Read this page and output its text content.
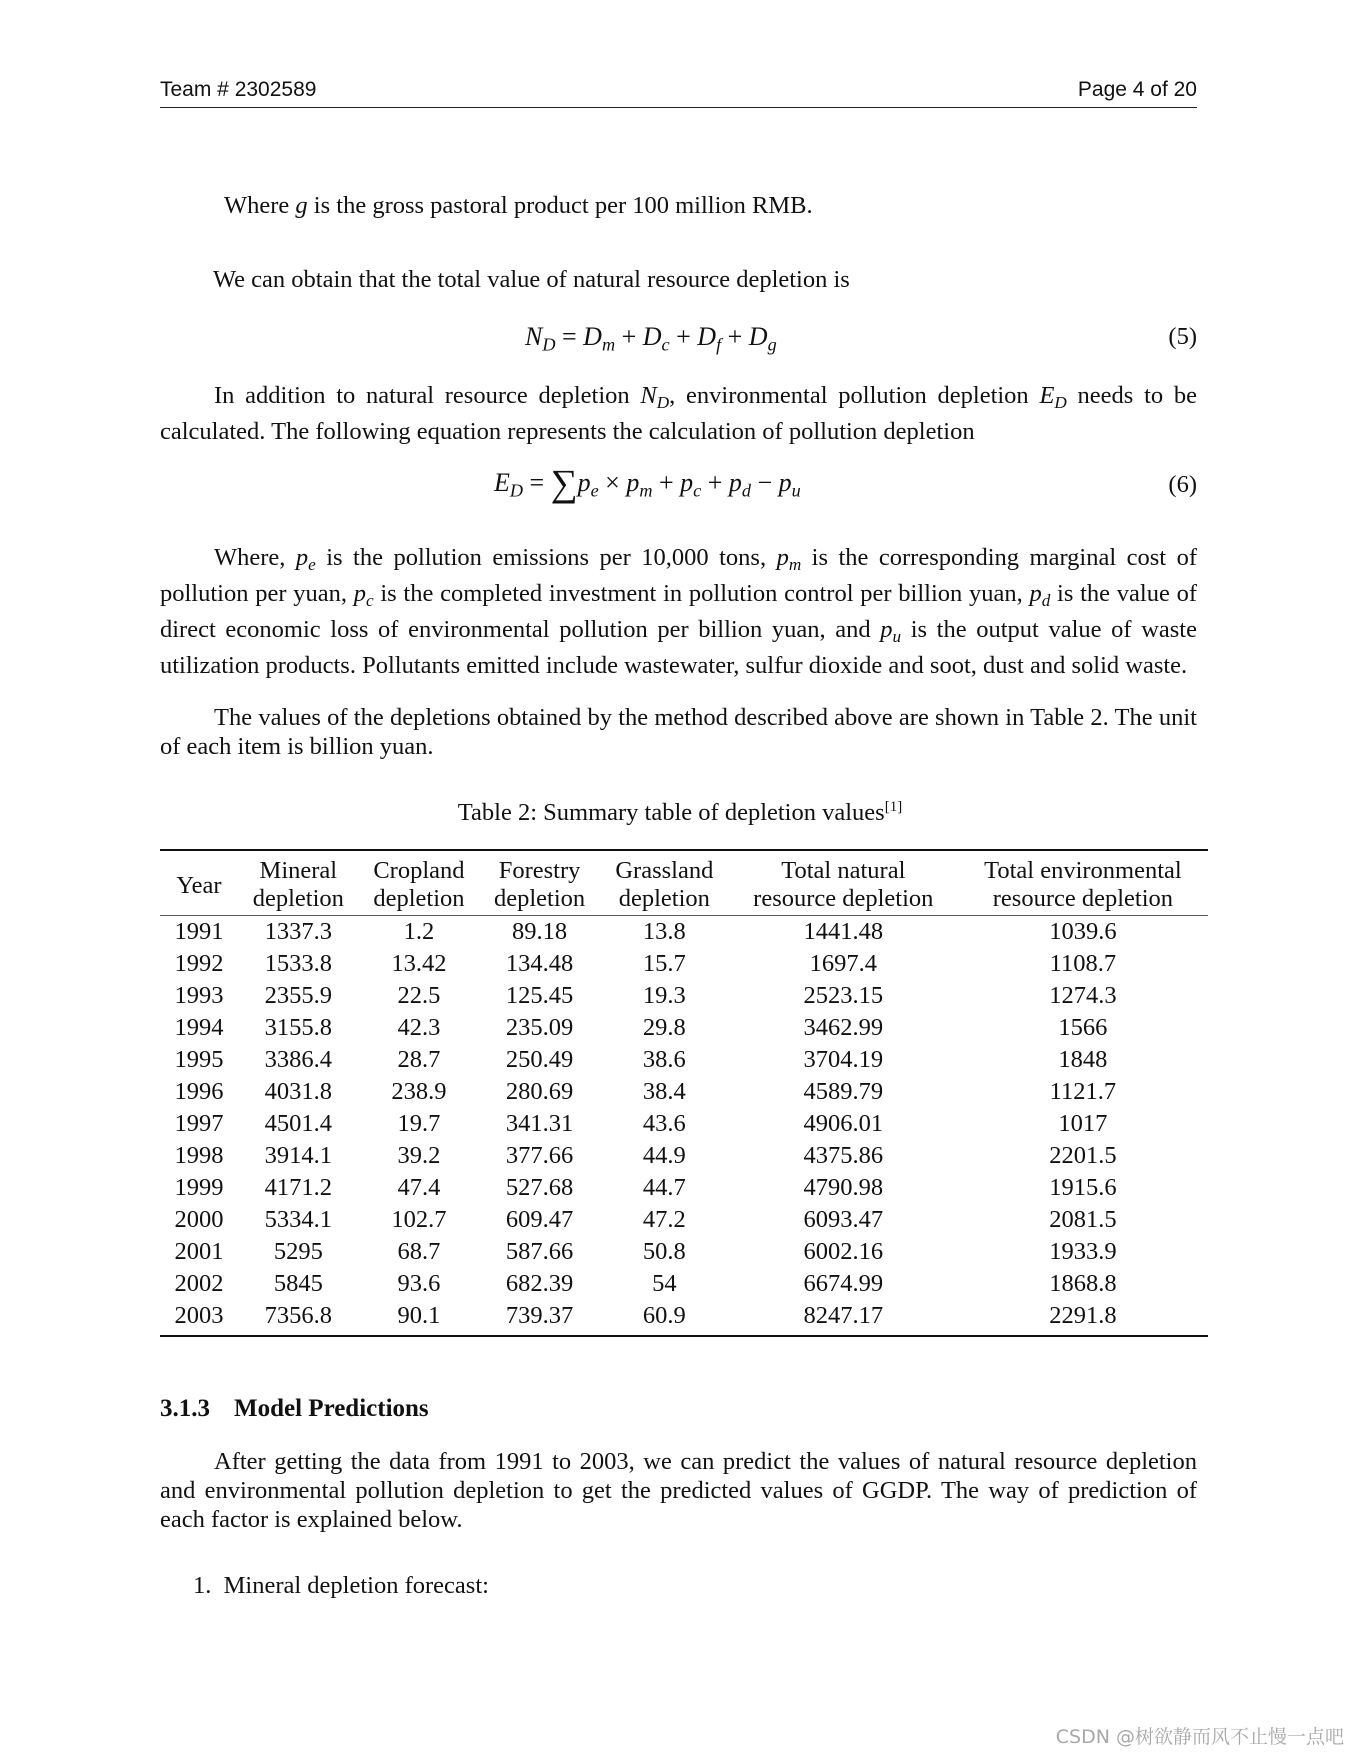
Team # 2302589	Page 4 of 20
Where g is the gross pastoral product per 100 million RMB.
We can obtain that the total value of natural resource depletion is
$N_D = D_m + D_c + D_f + D_g$	(5)
In addition to natural resource depletion $N_D$, environmental pollution depletion $E_D$ needs to be calculated. The following equation represents the calculation of pollution depletion
$E_D = \sum p_e \times p_m + p_c + p_d - p_u$	(6)
Where, $p_e$ is the pollution emissions per 10,000 tons, $p_m$ is the corresponding marginal cost of pollution per yuan, $p_c$ is the completed investment in pollution control per billion yuan, $p_d$ is the value of direct economic loss of environmental pollution per billion yuan, and $p_u$ is the output value of waste utilization products. Pollutants emitted include wastewater, sulfur dioxide and soot, dust and solid waste.
The values of the depletions obtained by the method described above are shown in Table 2. The unit of each item is billion yuan.
Table 2: Summary table of depletion values[1]
Year	Mineral	Cropland	Forestry	Grassland	Total natural	Total environmental
	depletion	depletion	depletion	depletion	resource depletion	resource depletion
1991	1337.3	1.2	89.18	13.8	1441.48	1039.6
1992	1533.8	13.42	134.48	15.7	1697.4	1108.7
1993	2355.9	22.5	125.45	19.3	2523.15	1274.3
1994	3155.8	42.3	235.09	29.8	3462.99	1566
1995	3386.4	28.7	250.49	38.6	3704.19	1848
1996	4031.8	238.9	280.69	38.4	4589.79	1121.7
1997	4501.4	19.7	341.31	43.6	4906.01	1017
1998	3914.1	39.2	377.66	44.9	4375.86	2201.5
1999	4171.2	47.4	527.68	44.7	4790.98	1915.6
2000	5334.1	102.7	609.47	47.2	6093.47	2081.5
2001	5295	68.7	587.66	50.8	6002.16	1933.9
2002	5845	93.6	682.39	54	6674.99	1868.8
2003	7356.8	90.1	739.37	60.9	8247.17	2291.8
3.1.3 Model Predictions
After getting the data from 1991 to 2003, we can predict the values of natural resource depletion and environmental pollution depletion to get the predicted values of GGDP. The way of prediction of each factor is explained below.
1. Mineral depletion forecast:
CSDN @树欲静而风不止慢一点吧
